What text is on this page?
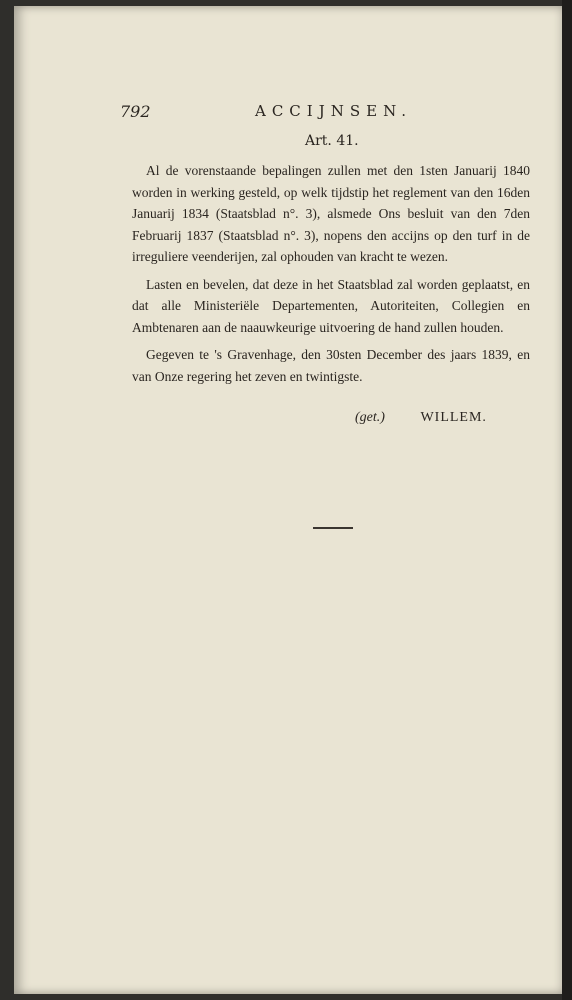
792	ACCIJNSEN.
Art. 41.

Al de vorenstaande bepalingen zullen met den 1sten Januarij 1840 worden in werking gesteld, op welk tijdstip het reglement van den 16den Januarij 1834 (Staatsblad n°. 3), alsmede Ons besluit van den 7den Februarij 1837 (Staatsblad n°. 3), nopens den accijns op den turf in de irreguliere veenderijen, zal ophouden van kracht te wezen.

Lasten en bevelen, dat deze in het Staatsblad zal worden geplaatst, en dat alle Ministeriële Departementen, Autoriteiten, Collegien en Ambtenaren aan de naauwkeurige uitvoering de hand zullen houden.

Gegeven te 's Gravenhage, den 30sten December des jaars 1839, en van Onze regering het zeven en twintigste.

(get.)	WILLEM.
